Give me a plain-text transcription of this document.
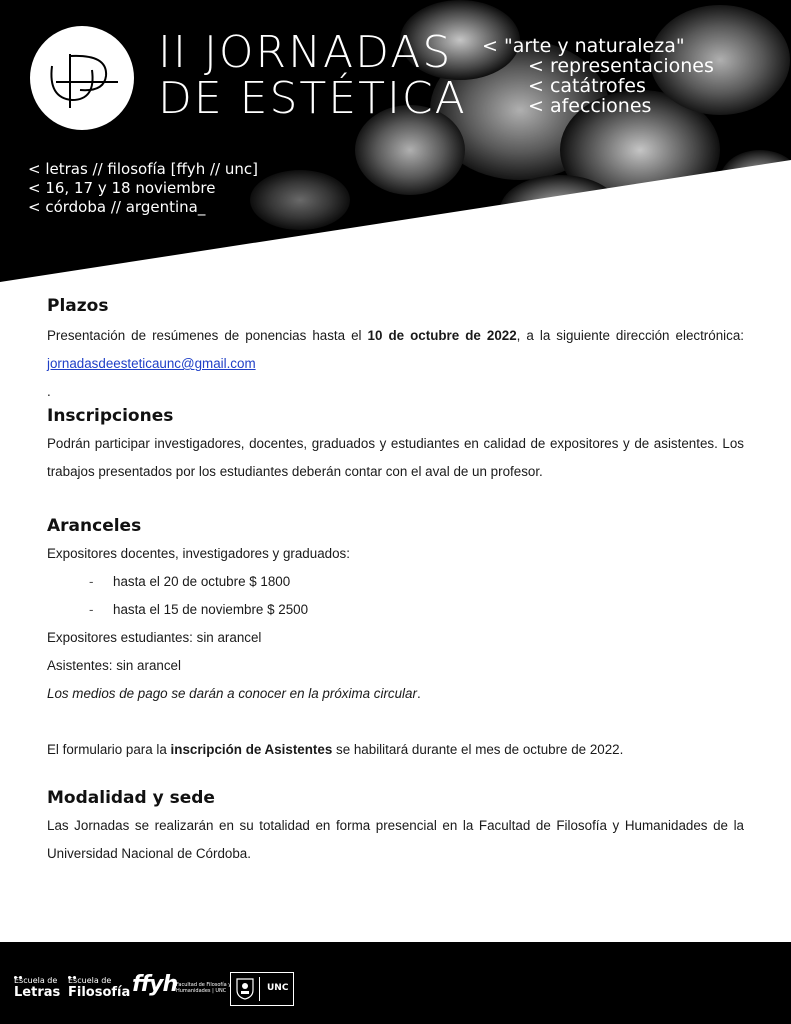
II JORNADAS
DE ESTÉTICA
< "arte y naturaleza"
< representaciones
< catátrofes
< afecciones
< letras // filosofía [ffyh // unc]
< 16, 17 y 18 noviembre
< córdoba // argentina_
Plazos

Presentación de resúmenes de ponencias hasta el 10 de octubre de 2022, a la siguiente dirección electrónica: jornadasdeesteticaunc@gmail.com

.
Inscripciones

Podrán participar investigadores, docentes, graduados y estudiantes en calidad de expositores y de asistentes. Los trabajos presentados por los estudiantes deberán contar con el aval de un profesor.

Aranceles
Expositores docentes, investigadores y graduados:
- hasta el 20 de octubre $ 1800
- hasta el 15 de noviembre $ 2500
Expositores estudiantes: sin arancel
Asistentes: sin arancel
Los medios de pago se darán a conocer en la próxima circular.
El formulario para la inscripción de Asistentes se habilitará durante el mes de octubre de 2022.
Modalidad y sede

Las Jornadas se realizarán en su totalidad en forma presencial en la Facultad de Filosofía y Humanidades de la Universidad Nacional de Córdoba.

Escuela de
Letras
Escuela de
Filosofía ffyh
Facultad de Filosofía y Humanidades | UNC	UNC
